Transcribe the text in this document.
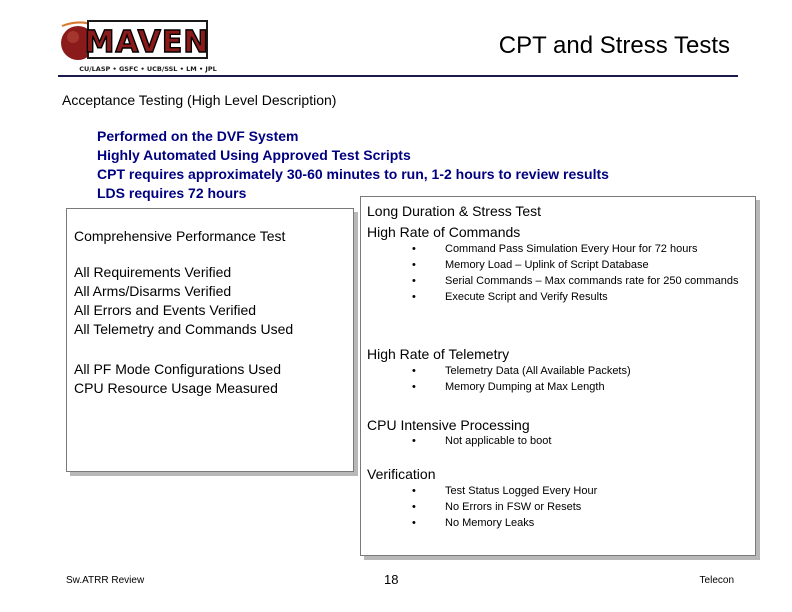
MAVEN
CU/LASP • GSFC • UCB/SSL • LM • JPL
CPT and Stress Tests
Acceptance Testing (High Level Description)
Performed on the DVF System
Highly Automated Using Approved Test Scripts
CPT requires approximately 30-60 minutes to run, 1-2 hours to review results
LDS requires 72 hours
Comprehensive Performance Test
All Requirements Verified
All Arms/Disarms Verified
All Errors and Events Verified
All Telemetry and Commands Used
All PF Mode Configurations Used
CPU Resource Usage Measured
Long Duration & Stress Test
High Rate of Commands
•	Command Pass Simulation Every Hour for 72 hours
•	Memory Load – Uplink of Script Database
•	Serial Commands – Max commands rate for 250 commands
•	Execute Script and Verify Results
High Rate of Telemetry
•	Telemetry Data (All Available Packets)
•	Memory Dumping at Max Length
CPU Intensive Processing
•	Not applicable to boot
Verification
•	Test Status Logged Every Hour
•	No Errors in FSW or Resets
•	No Memory Leaks
Sw.ATRR Review	18	Telecon
